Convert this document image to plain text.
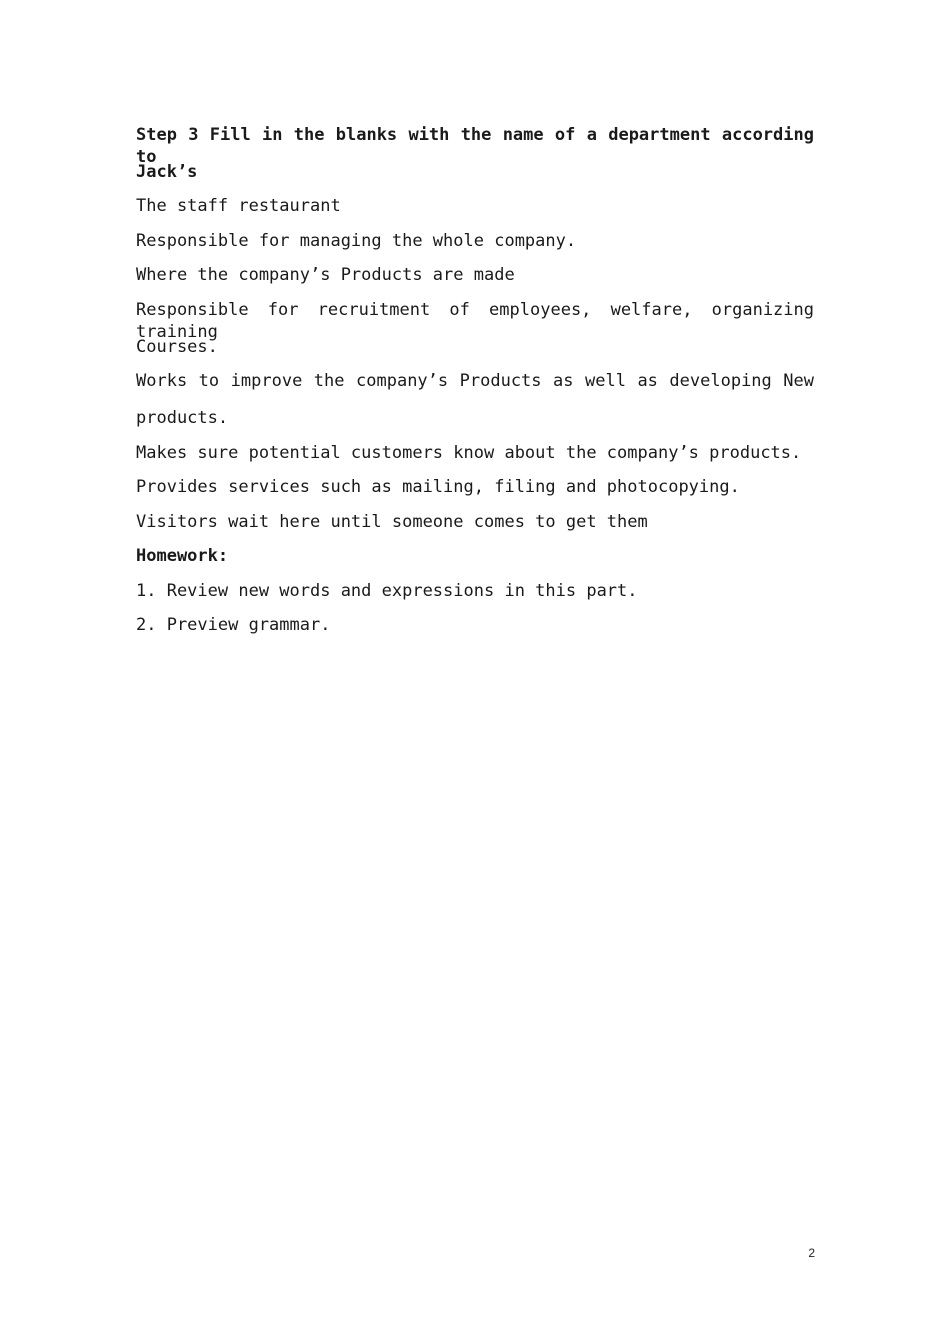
Step 3 Fill in the blanks with the name of a department according to
Jack’s
The staff restaurant
Responsible for managing the whole company.
Where the company’s Products are made
Responsible for recruitment of employees, welfare, organizing training
Courses.
Works to improve the company’s Products as well as developing New
products.
Makes sure potential customers know about the company’s products.
Provides services such as mailing, filing and photocopying.
Visitors wait here until someone comes to get them
Homework:
1. Review new words and expressions in this part.
2. Preview grammar.
2
